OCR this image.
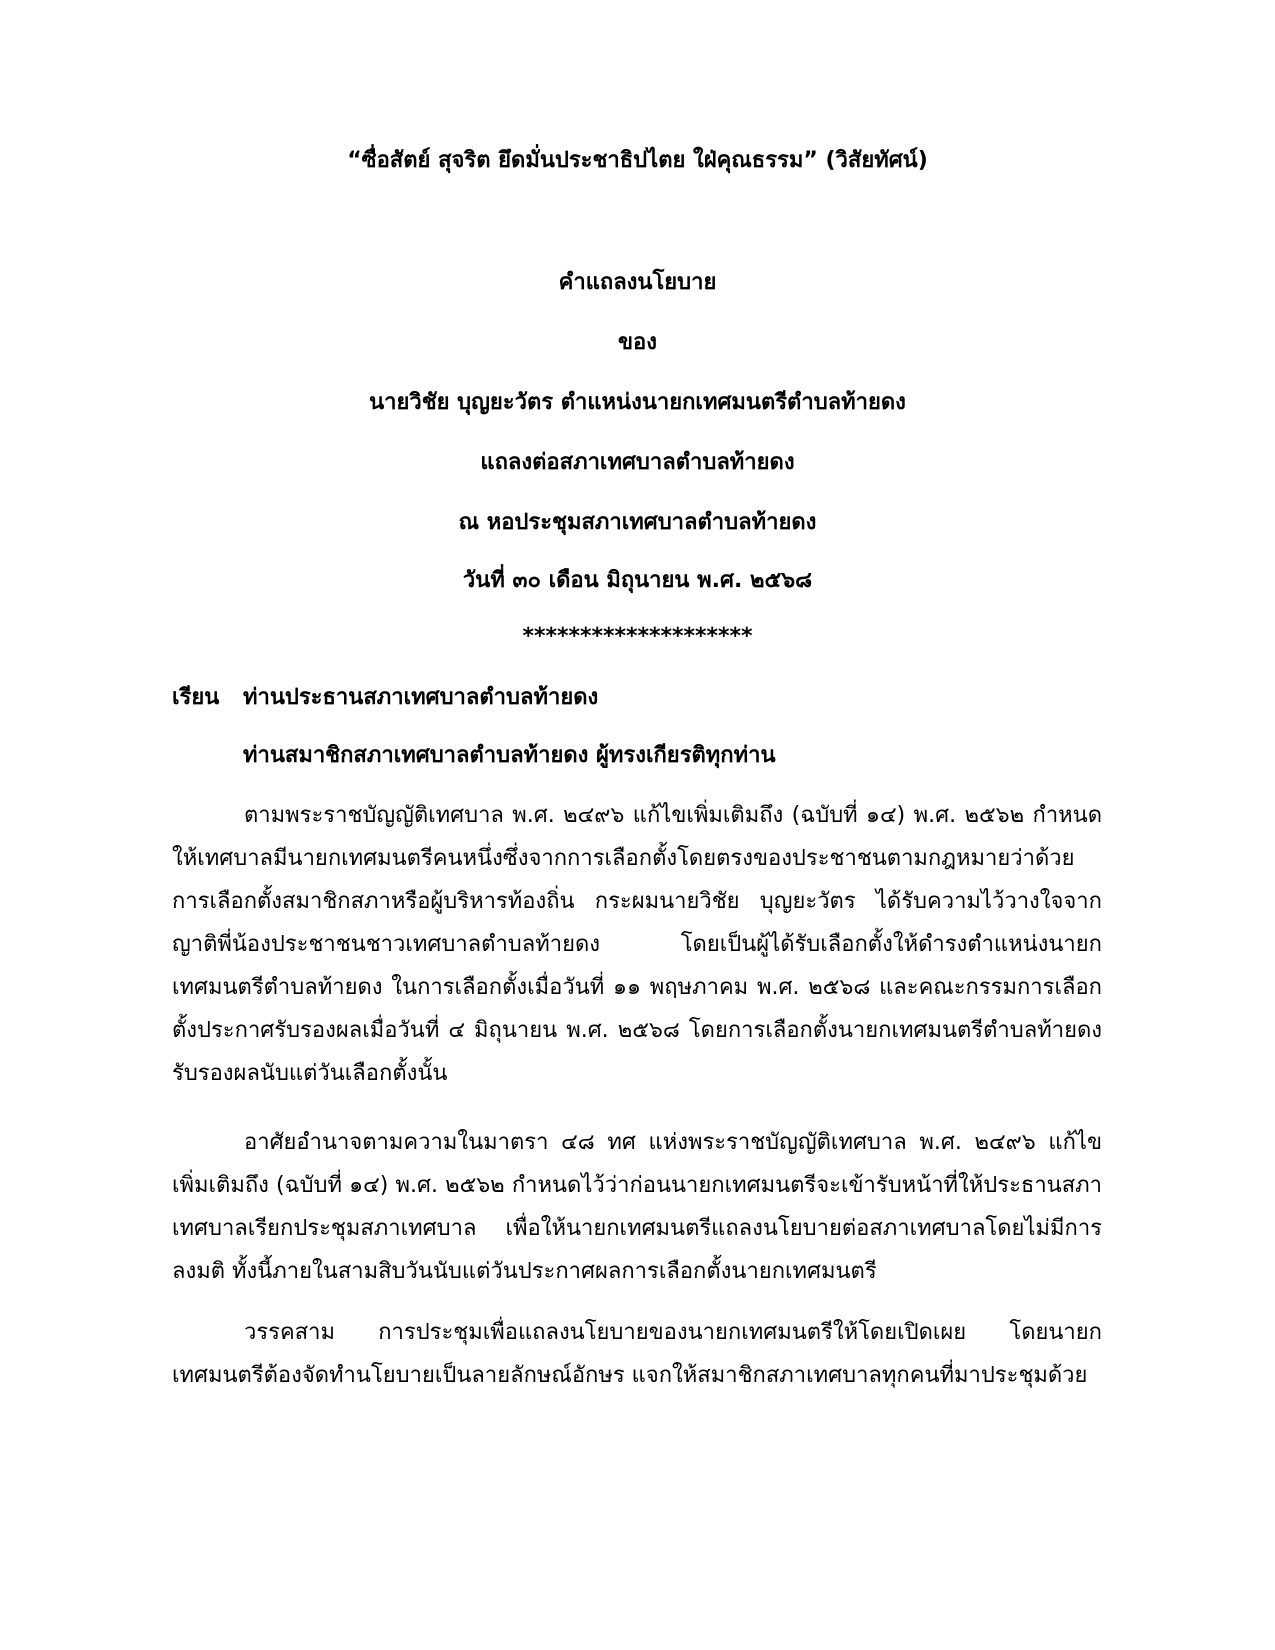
“ซื่อสัตย์ สุจริต ยึดมั่นประชาธิปไตย ใฝ่คุณธรรม” (วิสัยทัศน์)
คำแถลงนโยบาย
ของ
นายวิชัย บุญยะวัตร ตำแหน่งนายกเทศมนตรีตำบลท้ายดง
แถลงต่อสภาเทศบาลตำบลท้ายดง
ณ หอประชุมสภาเทศบาลตำบลท้ายดง
วันที่ ๓๐ เดือน มิถุนายน พ.ศ. ๒๕๖๘
********************
เรียน ท่านประธานสภาเทศบาลตำบลท้ายดง
ท่านสมาชิกสภาเทศบาลตำบลท้ายดง ผู้ทรงเกียรติทุกท่าน
ตามพระราชบัญญัติเทศบาล พ.ศ. ๒๔๙๖ แก้ไขเพิ่มเติมถึง (ฉบับที่ ๑๔) พ.ศ. ๒๕๖๒ กำหนดให้เทศบาลมีนายกเทศมนตรีคนหนึ่งซึ่งจากการเลือกตั้งโดยตรงของประชาชนตามกฎหมายว่าด้วยการเลือกตั้งสมาชิกสภาหรือผู้บริหารท้องถิ่น กระผมนายวิชัย บุญยะวัตร ได้รับความไว้วางใจจากญาติพี่น้องประชาชนชาวเทศบาลตำบลท้ายดง โดยเป็นผู้ได้รับเลือกตั้งให้ดำรงตำแหน่งนายกเทศมนตรีตำบลท้ายดง ในการเลือกตั้งเมื่อวันที่ ๑๑ พฤษภาคม พ.ศ. ๒๕๖๘ และคณะกรรมการเลือกตั้งประกาศรับรองผลเมื่อวันที่ ๔ มิถุนายน พ.ศ. ๒๕๖๘ โดยการเลือกตั้งนายกเทศมนตรีตำบลท้ายดงรับรองผลนับแต่วันเลือกตั้งนั้น
อาศัยอำนาจตามความในมาตรา ๔๘ ทศ แห่งพระราชบัญญัติเทศบาล พ.ศ. ๒๔๙๖ แก้ไขเพิ่มเติมถึง (ฉบับที่ ๑๔) พ.ศ. ๒๕๖๒ กำหนดไว้ว่าก่อนนายกเทศมนตรีจะเข้ารับหน้าที่ให้ประธานสภาเทศบาลเรียกประชุมสภาเทศบาล เพื่อให้นายกเทศมนตรีแถลงนโยบายต่อสภาเทศบาลโดยไม่มีการลงมติ ทั้งนี้ภายในสามสิบวันนับแต่วันประกาศผลการเลือกตั้งนายกเทศมนตรี
วรรคสาม การประชุมเพื่อแถลงนโยบายของนายกเทศมนตรีให้โดยเปิดเผย โดยนายกเทศมนตรีต้องจัดทำนโยบายเป็นลายลักษณ์อักษร แจกให้สมาชิกสภาเทศบาลทุกคนที่มาประชุมด้วย
